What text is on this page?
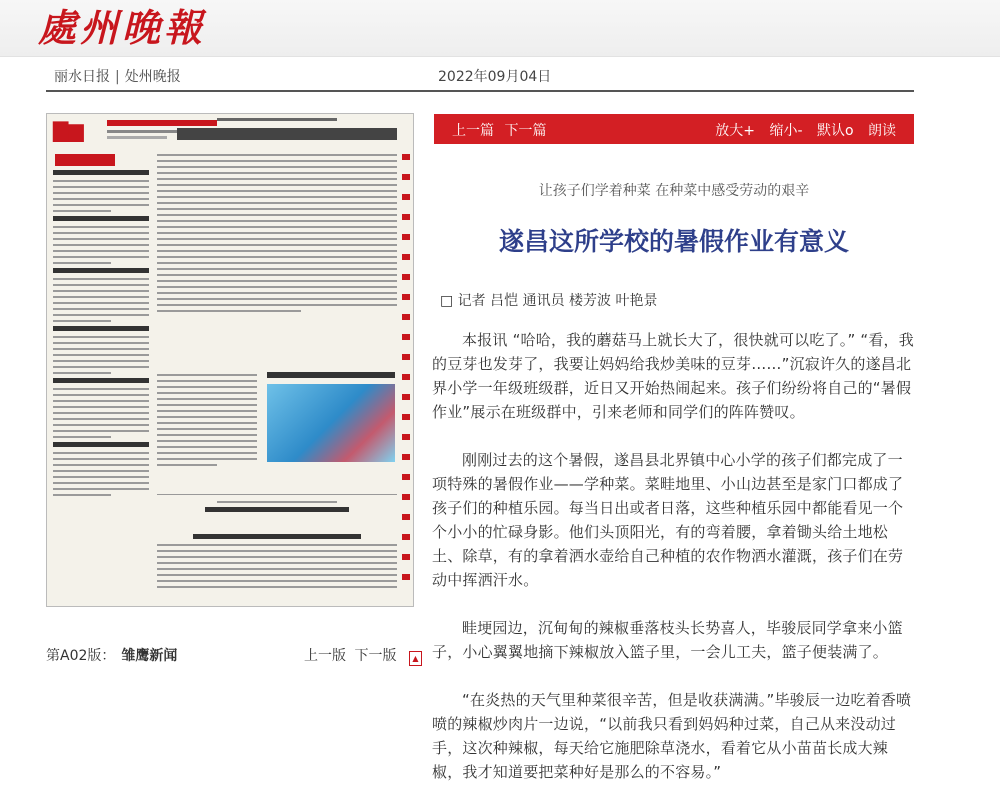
處州晚報
丽水日报 | 处州晚报	2022年09月04日
▇▆
第A02版： 雏鹰新闻	上一版 下一版 ▲
上一篇 下一篇	放大+ 缩小- 默认o 朗读
让孩子们学着种菜 在种菜中感受劳动的艰辛
遂昌这所学校的暑假作业有意义
□ 记者 吕恺 通讯员 楼芳波 叶艳景

本报讯 “哈哈，我的蘑菇马上就长大了，很快就可以吃了。” “看，我的豆芽也发芽了，我要让妈妈给我炒美味的豆芽……”沉寂许久的遂昌北界小学一年级班级群，近日又开始热闹起来。孩子们纷纷将自己的“暑假作业”展示在班级群中，引来老师和同学们的阵阵赞叹。

刚刚过去的这个暑假，遂昌县北界镇中心小学的孩子们都完成了一项特殊的暑假作业——学种菜。菜畦地里、小山边甚至是家门口都成了孩子们的种植乐园。每当日出或者日落，这些种植乐园中都能看见一个个小小的忙碌身影。他们头顶阳光，有的弯着腰，拿着锄头给土地松土、除草，有的拿着洒水壶给自己种植的农作物洒水灌溉，孩子们在劳动中挥洒汗水。

畦埂园边，沉甸甸的辣椒垂落枝头长势喜人，毕骏辰同学拿来小篮子，小心翼翼地摘下辣椒放入篮子里，一会儿工夫，篮子便装满了。

“在炎热的天气里种菜很辛苦，但是收获满满。”毕骏辰一边吃着香喷喷的辣椒炒肉片一边说，“以前我只看到妈妈种过菜，自己从来没动过手，这次种辣椒，每天给它施肥除草浇水，看着它从小苗苗长成大辣椒，我才知道要把菜种好是那么的不容易。”
